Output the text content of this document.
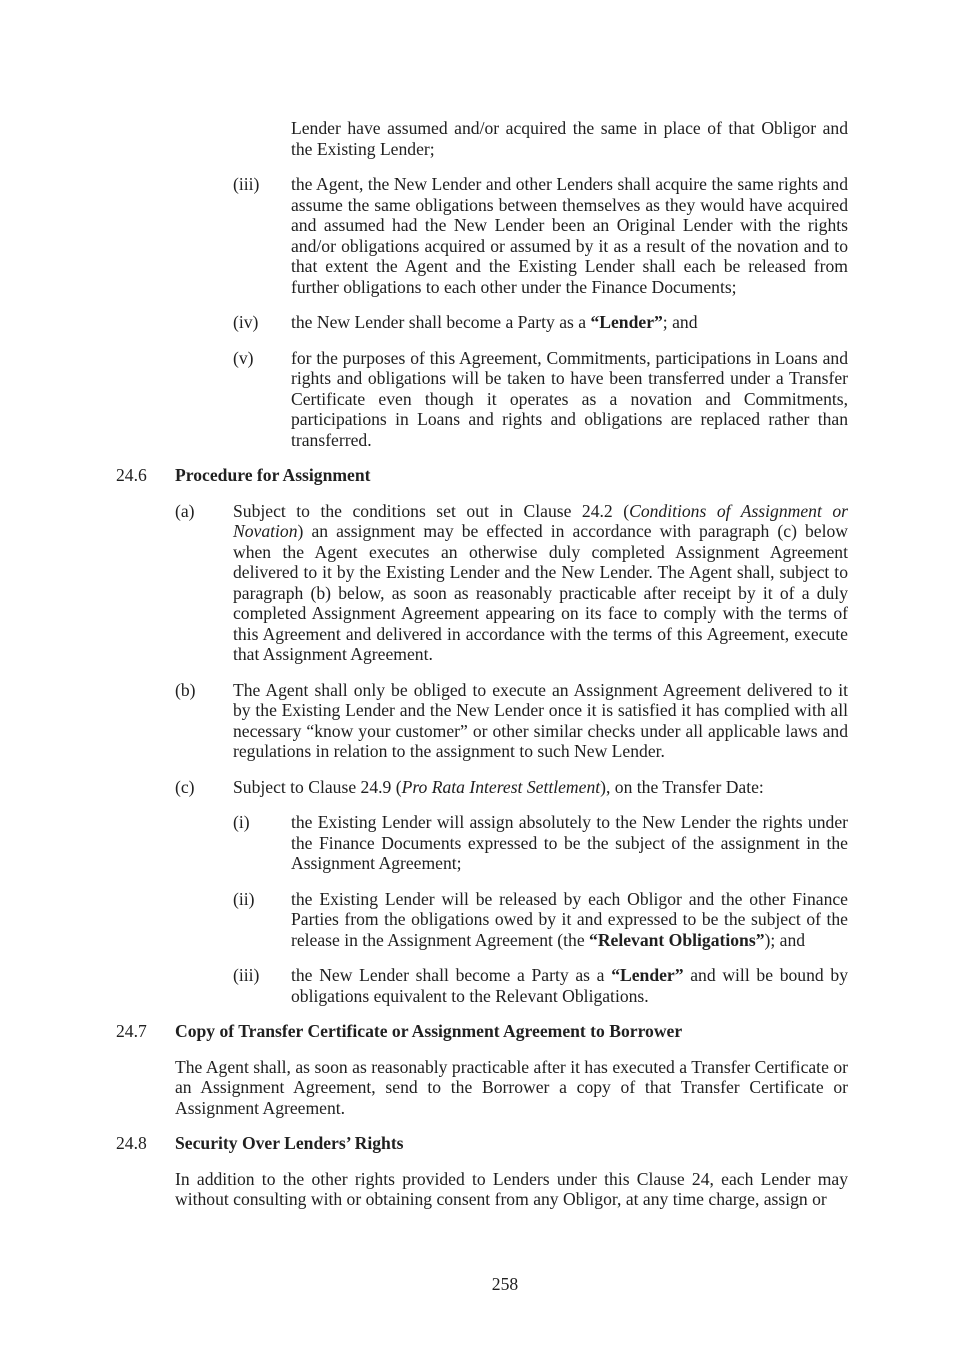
Lender have assumed and/or acquired the same in place of that Obligor and the Existing Lender;

(iii)	the Agent, the New Lender and other Lenders shall acquire the same rights and assume the same obligations between themselves as they would have acquired and assumed had the New Lender been an Original Lender with the rights and/or obligations acquired or assumed by it as a result of the novation and to that extent the Agent and the Existing Lender shall each be released from further obligations to each other under the Finance Documents;

(iv)	the New Lender shall become a Party as a “Lender”; and

(v)	for the purposes of this Agreement, Commitments, participations in Loans and rights and obligations will be taken to have been transferred under a Transfer Certificate even though it operates as a novation and Commitments, participations in Loans and rights and obligations are replaced rather than transferred.

24.6	Procedure for Assignment
(a)	Subject to the conditions set out in Clause 24.2 (Conditions of Assignment or Novation) an assignment may be effected in accordance with paragraph (c) below when the Agent executes an otherwise duly completed Assignment Agreement delivered to it by the Existing Lender and the New Lender. The Agent shall, subject to paragraph (b) below, as soon as reasonably practicable after receipt by it of a duly completed Assignment Agreement appearing on its face to comply with the terms of this Agreement and delivered in accordance with the terms of this Agreement, execute that Assignment Agreement.

(b)	The Agent shall only be obliged to execute an Assignment Agreement delivered to it by the Existing Lender and the New Lender once it is satisfied it has complied with all necessary “know your customer” or other similar checks under all applicable laws and regulations in relation to the assignment to such New Lender.

(c)	Subject to Clause 24.9 (Pro Rata Interest Settlement), on the Transfer Date:

(i)	the Existing Lender will assign absolutely to the New Lender the rights under the Finance Documents expressed to be the subject of the assignment in the Assignment Agreement;

(ii)	the Existing Lender will be released by each Obligor and the other Finance Parties from the obligations owed by it and expressed to be the subject of the release in the Assignment Agreement (the “Relevant Obligations”); and

(iii)	the New Lender shall become a Party as a “Lender” and will be bound by obligations equivalent to the Relevant Obligations.

24.7	Copy of Transfer Certificate or Assignment Agreement to Borrower

The Agent shall, as soon as reasonably practicable after it has executed a Transfer Certificate or an Assignment Agreement, send to the Borrower a copy of that Transfer Certificate or Assignment Agreement.

24.8	Security Over Lenders’ Rights

In addition to the other rights provided to Lenders under this Clause 24, each Lender may without consulting with or obtaining consent from any Obligor, at any time charge, assign or

258
